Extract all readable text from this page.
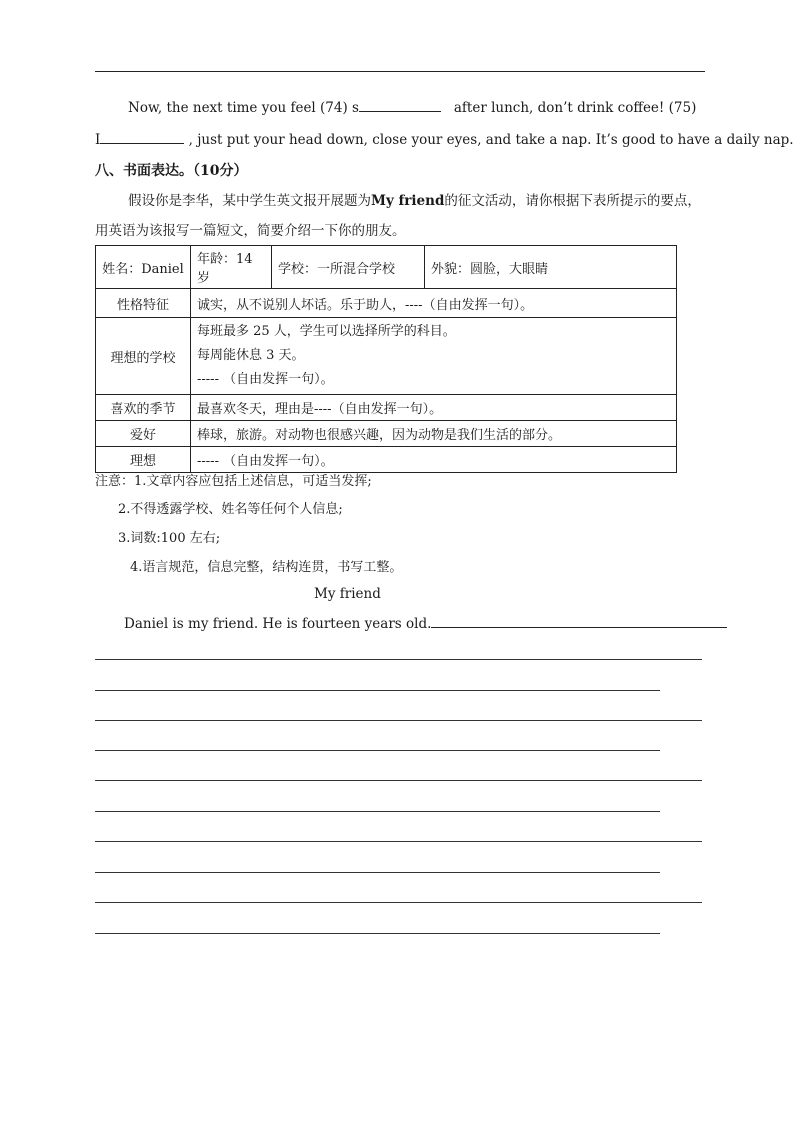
Now, the next time you feel (74) s	after lunch, don’t drink coffee! (75)
I	, just put your head down, close your eyes, and take a nap. It’s good to have a daily nap.
八、书面表达。（10分）
假设你是李华，某中学生英文报开展题为My friend的征文活动，请你根据下表所提示的要点，
用英语为该报写一篇短文，简要介绍一下你的朋友。
姓名：Daniel	年龄：14 岁	学校：一所混合学校	外貌：圆脸，大眼睛
性格特征	诚实，从不说别人坏话。乐于助人，----（自由发挥一句）。		
理想的学校	每班最多 25 人，学生可以选择所学的科目。
每周能休息 3 天。
----- （自由发挥一句）。		

喜欢的季节	最喜欢冬天，理由是----（自由发挥一句）。		
爱好	棒球，旅游。对动物也很感兴趣，因为动物是我们生活的部分。		
理想	----- （自由发挥一句）。		
注意：1.文章内容应包括上述信息，可适当发挥;
2.不得透露学校、姓名等任何个人信息;
3.词数:100 左右;
4.语言规范，信息完整，结构连贯，书写工整。
My friend
Daniel is my friend. He is fourteen years old.
